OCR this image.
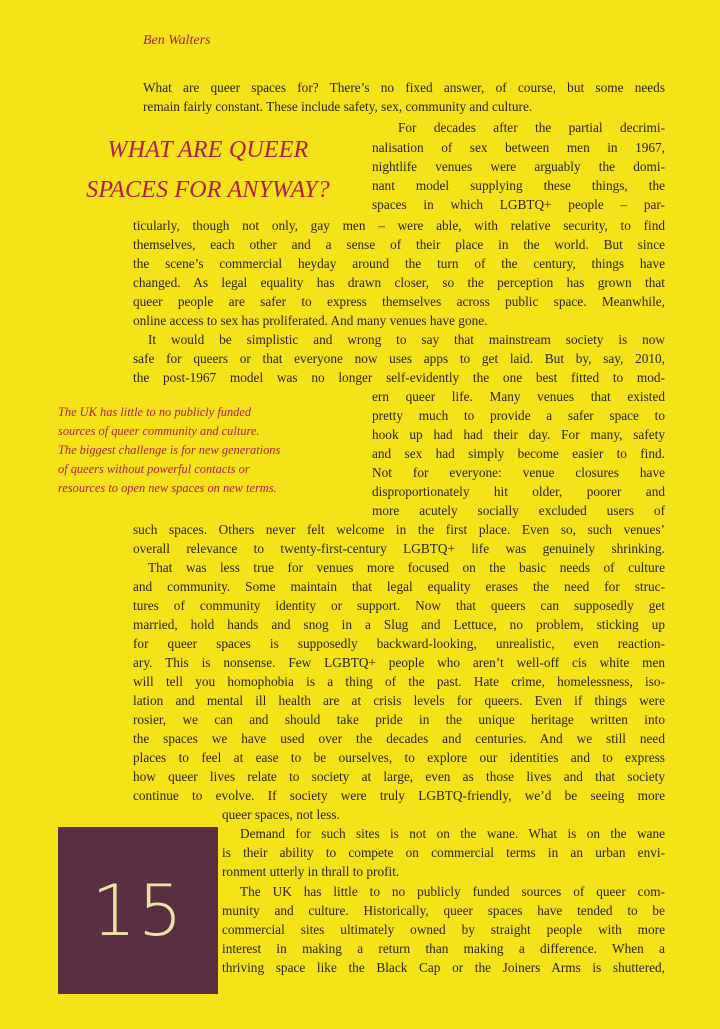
Ben Walters
WHAT ARE QUEER
SPACES FOR ANYWAY?
The UK has little to no publicly funded
sources of queer community and culture.
The biggest challenge is for new generations
of queers without powerful contacts or
resources to open new spaces on new terms.
15
What are queer spaces for? There’s no fixed answer, of course, but some needs
remain fairly constant. These include safety, sex, community and culture.
For decades after the partial decrimi-
nalisation of sex between men in 1967,
nightlife venues were arguably the domi-
nant model supplying these things, the
spaces in which LGBTQ+ people – par-
ticularly, though not only, gay men – were able, with relative security, to find
themselves, each other and a sense of their place in the world. But since
the scene’s commercial heyday around the turn of the century, things have
changed. As legal equality has drawn closer, so the perception has grown that
queer people are safer to express themselves across public space. Meanwhile,
online access to sex has proliferated. And many venues have gone.
It would be simplistic and wrong to say that mainstream society is now
safe for queers or that everyone now uses apps to get laid. But by, say, 2010,
the post-1967 model was no longer self-evidently the one best fitted to mod-
ern queer life. Many venues that existed
pretty much to provide a safer space to
hook up had had their day. For many, safety
and sex had simply become easier to find.
Not for everyone: venue closures have
disproportionately hit older, poorer and
more acutely socially excluded users of
such spaces. Others never felt welcome in the first place. Even so, such venues’
overall relevance to twenty-first-century LGBTQ+ life was genuinely shrinking.
That was less true for venues more focused on the basic needs of culture
and community. Some maintain that legal equality erases the need for struc-
tures of community identity or support. Now that queers can supposedly get
married, hold hands and snog in a Slug and Lettuce, no problem, sticking up
for queer spaces is supposedly backward-looking, unrealistic, even reaction-
ary. This is nonsense. Few LGBTQ+ people who aren’t well-off cis white men
will tell you homophobia is a thing of the past. Hate crime, homelessness, iso-
lation and mental ill health are at crisis levels for queers. Even if things were
rosier, we can and should take pride in the unique heritage written into
the spaces we have used over the decades and centuries. And we still need
places to feel at ease to be ourselves, to explore our identities and to express
how queer lives relate to society at large, even as those lives and that society
continue to evolve. If society were truly LGBTQ-friendly, we’d be seeing more
queer spaces, not less.
Demand for such sites is not on the wane. What is on the wane
is their ability to compete on commercial terms in an urban envi-
ronment utterly in thrall to profit.
The UK has little to no publicly funded sources of queer com-
munity and culture. Historically, queer spaces have tended to be
commercial sites ultimately owned by straight people with more
interest in making a return than making a difference. When a
thriving space like the Black Cap or the Joiners Arms is shuttered,
